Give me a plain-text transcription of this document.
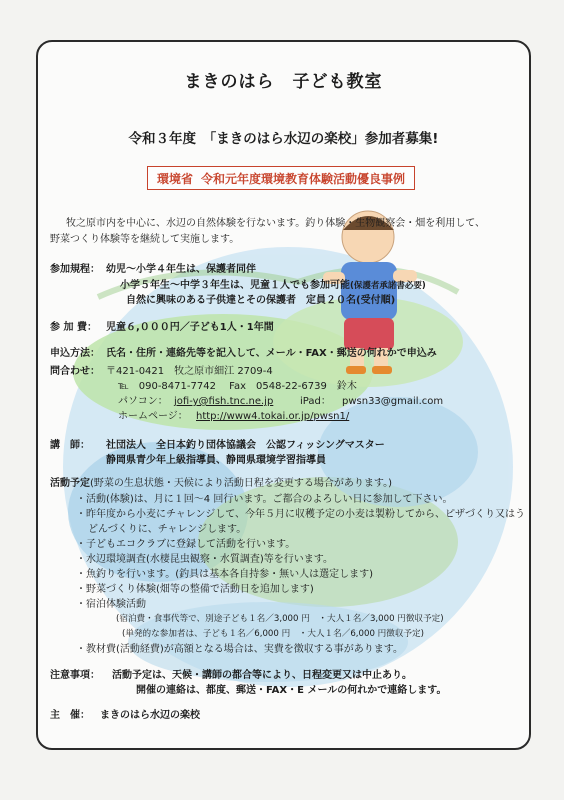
まきのはら　子ども教室
令和３年度　「まきのはら水辺の楽校」参加者募集!
環境省 令和元年度環境教育体験活動優良事例
牧之原市内を中心に、水辺の自然体験を行ないます。釣り体験・生物観察会・畑を利用して、
野菜つくり体験等を継続して実施します。
参加規程： 幼児～小学４年生は、保護者同伴
小学５年生～中学３年生は、児童１人でも参加可能(保護者承諾書必要)
自然に興味のある子供達とその保護者　定員２０名(受付順)
参 加 費： 児童６,０００円／子ども1人・1年間
申込方法： 氏名・住所・連絡先等を記入して、メール・FAX・郵送の何れかで申込み
問合わせ： 〒421-0421　牧之原市細江 2709-4
℡　090-8471-7742　 Fax　0548-22-6739　鈴木
パソコン： jofi-y@fish.tnc.ne.jp	iPad： pwsn33@gmail.com
ホームページ： http://www4.tokai.or.jp/pwsn1/
講　師： 社団法人　全日本釣り団体協議会　公認フィッシングマスター
静岡県青少年上級指導員、静岡県環境学習指導員
活動予定(野菜の生息状態・天候により活動日程を変更する場合があります。)
・活動(体験)は、月に１回～4 回行います。ご都合のよろしい日に参加して下さい。
・昨年度から小麦にチャレンジして、今年５月に収穫予定の小麦は製粉してから、ピザづくり又はう
どんづくりに、チャレンジします。
・子どもエコクラブに登録して活動を行います。
・水辺環境調査(水棲昆虫観察・水質調査)等を行います。
・魚釣りを行います。(釣具は基本各自持参・無い人は選定します)
・野菜づくり体験(畑等の整備で活動日を追加します)
・宿泊体験活動
(宿泊費・食事代等で、別途子ども１名／3,000 円　・大人１名／3,000 円徴収予定)
(単発的な参加者は、子ども１名／6,000 円　・大人１名／6,000 円徴収予定)
・教材費(活動経費)が高額となる場合は、実費を徴収する事があります。
注意事項： 活動予定は、天候・講師の都合等により、日程変更又は中止あり。
開催の連絡は、都度、郵送・FAX・E メールの何れかで連絡します。
主　催： まきのはら水辺の楽校
